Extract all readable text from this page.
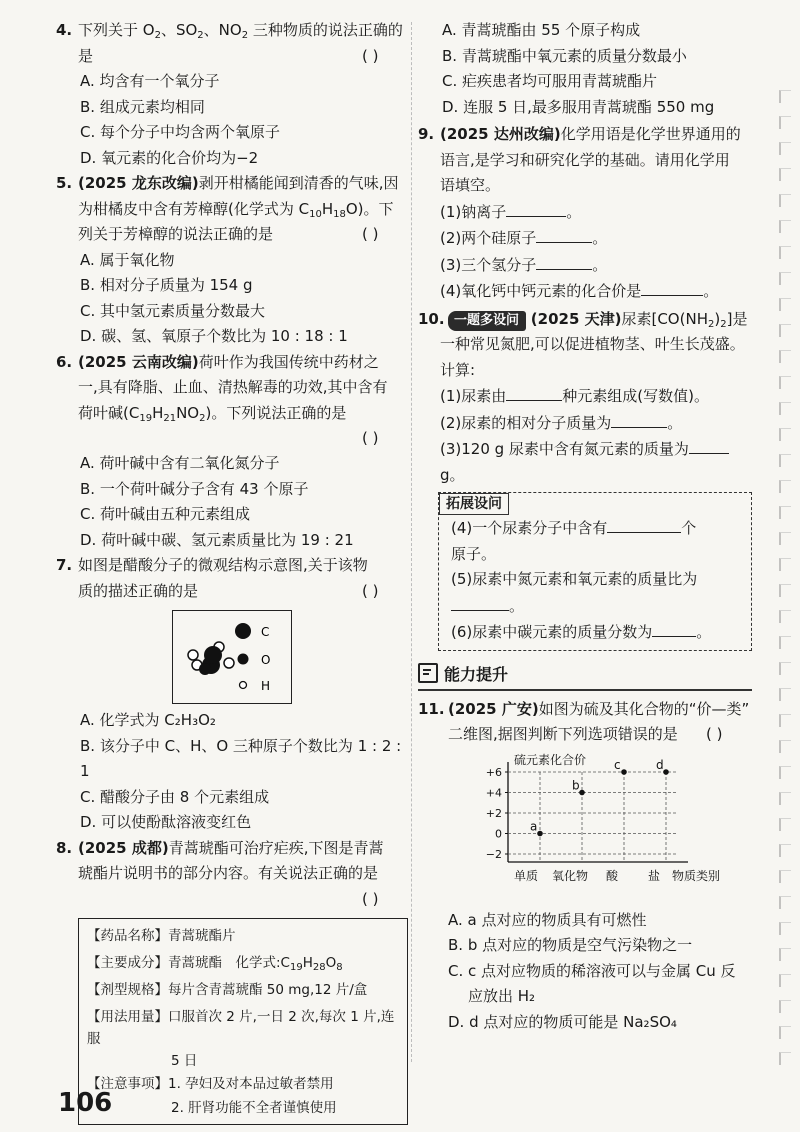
4. 下列关于 $O_2$、$SO_2$、$NO_2$ 三种物质的说法正确的
是	( )
A. 均含有一个氧分子
B. 组成元素均相同
C. 每个分子中均含两个氧原子
D. 氧元素的化合价均为−2
5. (2025 龙东改编)剥开柑橘能闻到清香的气味,因
为柑橘皮中含有芳樟醇(化学式为 $C_{10}H_{18}O$)。下
列关于芳樟醇的说法正确的是	( )
A. 属于氧化物
B. 相对分子质量为 154 g
C. 其中氢元素质量分数最大
D. 碳、氢、氧原子个数比为 10 : 18 : 1
6. (2025 云南改编)荷叶作为我国传统中药材之
一,具有降脂、止血、清热解毒的功效,其中含有
荷叶碱$(C_{19}H_{21}NO_2)$。下列说法正确的是
( )
A. 荷叶碱中含有二氧化氮分子
B. 一个荷叶碱分子含有 43 个原子
C. 荷叶碱由五种元素组成
D. 荷叶碱中碳、氢元素质量比为 19 : 21
7. 如图是醋酸分子的微观结构示意图,关于该物
质的描述正确的是	( )
C
O
H
A. 化学式为 C₂H₃O₂
B. 该分子中 C、H、O 三种原子个数比为 1 : 2 : 1
C. 醋酸分子由 8 个元素组成
D. 可以使酚酞溶液变红色
8. (2025 成都)青蒿琥酯可治疗疟疾,下图是青蒿
琥酯片说明书的部分内容。有关说法正确的是
( )
【药品名称】青蒿琥酯片
【主要成分】青蒿琥酯　化学式$:C_{19}H_{28}O_8$
【剂型规格】每片含青蒿琥酯 50 mg,12 片/盒
【用法用量】口服首次 2 片,一日 2 次,每次 1 片,连服
5 日
【注意事项】1. 孕妇及对本品过敏者禁用
2. 肝肾功能不全者谨慎使用
A. 青蒿琥酯由 55 个原子构成
B. 青蒿琥酯中氧元素的质量分数最小
C. 疟疾患者均可服用青蒿琥酯片
D. 连服 5 日,最多服用青蒿琥酯 550 mg
9. (2025 达州改编)化学用语是化学世界通用的
语言,是学习和研究化学的基础。请用化学用
语填空。
(1)钠离子	。
(2)两个硅原子	。
(3)三个氢分子	。
(4)氧化钙中钙元素的化合价是	。
10. 一题多设问 (2025 天津)尿素$[CO(NH_2)_2]$是
一种常见氮肥,可以促进植物茎、叶生长茂盛。
计算:
(1)尿素由	种元素组成(写数值)。
(2)尿素的相对分子质量为	。
(3)120 g 尿素中含有氮元素的质量为g。
拓展设问
(4)一个尿素分子中含有	个
原子。
(5)尿素中氮元素和氧元素的质量比为
。
(6)尿素中碳元素的质量分数为	。
能力提升
11. (2025 广安)如图为硫及其化合物的“价—类”
二维图,据图判断下列选项错误的是 ( )
硫元素化合价
+6
+4
+2
0
−2
单质 氧化物 酸 盐 物质类别
a
b
c	d
A. a 点对应的物质具有可燃性
B. b 点对应的物质是空气污染物之一
C. c 点对应物质的稀溶液可以与金属 Cu 反
应放出 H₂
D. d 点对应的物质可能是 Na₂SO₄
106
